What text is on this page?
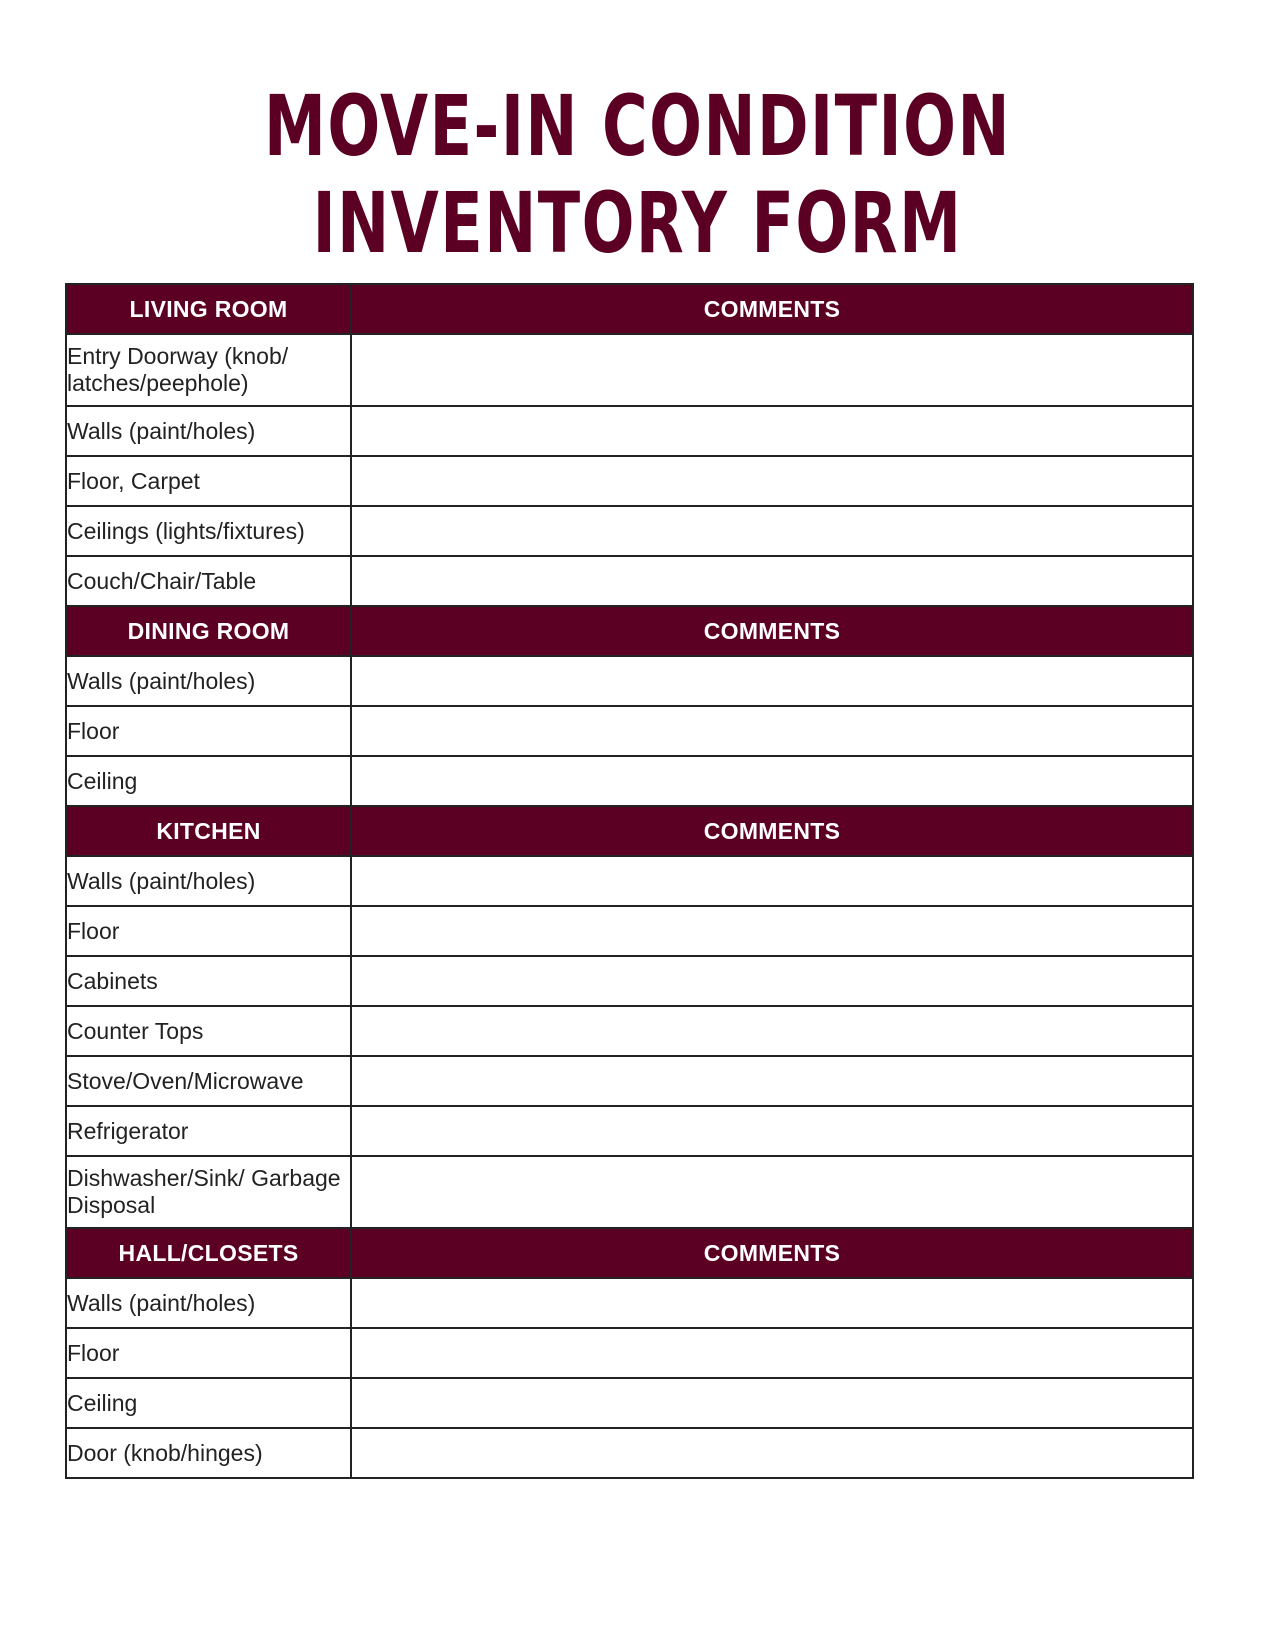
MOVE-IN CONDITION
INVENTORY FORM
LIVING ROOM	COMMENTS
Entry Doorway (knob/ latches/peephole)	
Walls (paint/holes)	
Floor, Carpet	
Ceilings (lights/fixtures)	
Couch/Chair/Table	
DINING ROOM	COMMENTS
Walls (paint/holes)	
Floor	
Ceiling	
KITCHEN	COMMENTS
Walls (paint/holes)	
Floor	
Cabinets	
Counter Tops	
Stove/Oven/Microwave	
Refrigerator	
Dishwasher/Sink/ Garbage Disposal	
HALL/CLOSETS	COMMENTS
Walls (paint/holes)	
Floor	
Ceiling	
Door (knob/hinges)	
